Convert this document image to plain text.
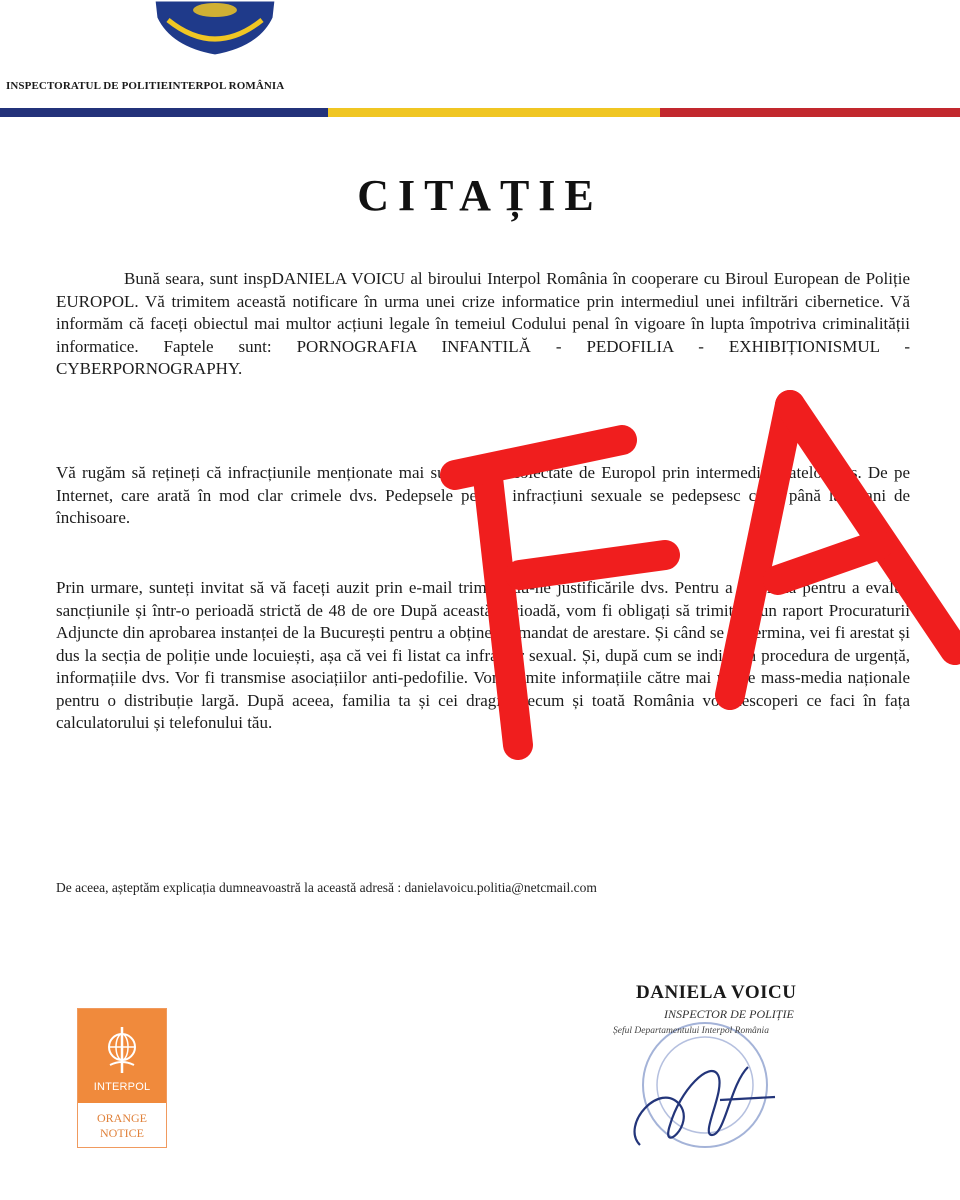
INSPECTORATUL DE POLITIEINTERPOL ROMÂNIA
CITAȚIE

Bună seara, sunt inspDANIELA VOICU al biroului Interpol România în cooperare cu Biroul European de Poliție EUROPOL. Vă trimitem această notificare în urma unei crize informatice prin intermediul unei infiltrări cibernetice. Vă informăm că faceți obiectul mai multor acțiuni legale în temeiul Codului penal în vigoare în lupta împotriva criminalității informatice. Faptele sunt: PORNOGRAFIA INFANTILĂ - PEDOFILIA - EXHIBIȚIONISMUL - CYBERPORNOGRAPHY.

Vă rugăm să rețineți că infracțiunile menționate mai sus au fost colectate de Europol prin intermediul datelor dvs. De pe Internet, care arată în mod clar crimele dvs. Pedepsele pentru infracțiuni sexuale se pedepsesc cu 1 până la 5 ani de închisoare.

Prin urmare, sunteți invitat să vă faceți auzit prin e-mail trimițându-ne justificările dvs. Pentru a examina pentru a evalua sancțiunile și într-o perioadă strictă de 48 de ore După această perioadă, vom fi obligați să trimitem un raport Procuraturii Adjuncte din aprobarea instanței de la București pentru a obține un mandat de arestare. Și când se va termina, vei fi arestat și dus la secția de poliție unde locuiești, așa că vei fi listat ca infractor sexual. Și, după cum se indică în procedura de urgență, informațiile dvs. Vor fi transmise asociațiilor anti-pedofilie. Vom trimite informațiile către mai multe mass-media naționale pentru o distribuție largă. După aceea, familia ta și cei dragi, precum și toată România vor descoperi ce faci în fața calculatorului și telefonului tău.

De aceea, așteptăm explicația dumneavoastră la această adresă : danielavoicu.politia@netcmail.com
INTERPOL
ORANGE
NOTICE
DANIELA VOICU
INSPECTOR DE POLIȚIE
Șeful Departamentului Interpol România
FA
